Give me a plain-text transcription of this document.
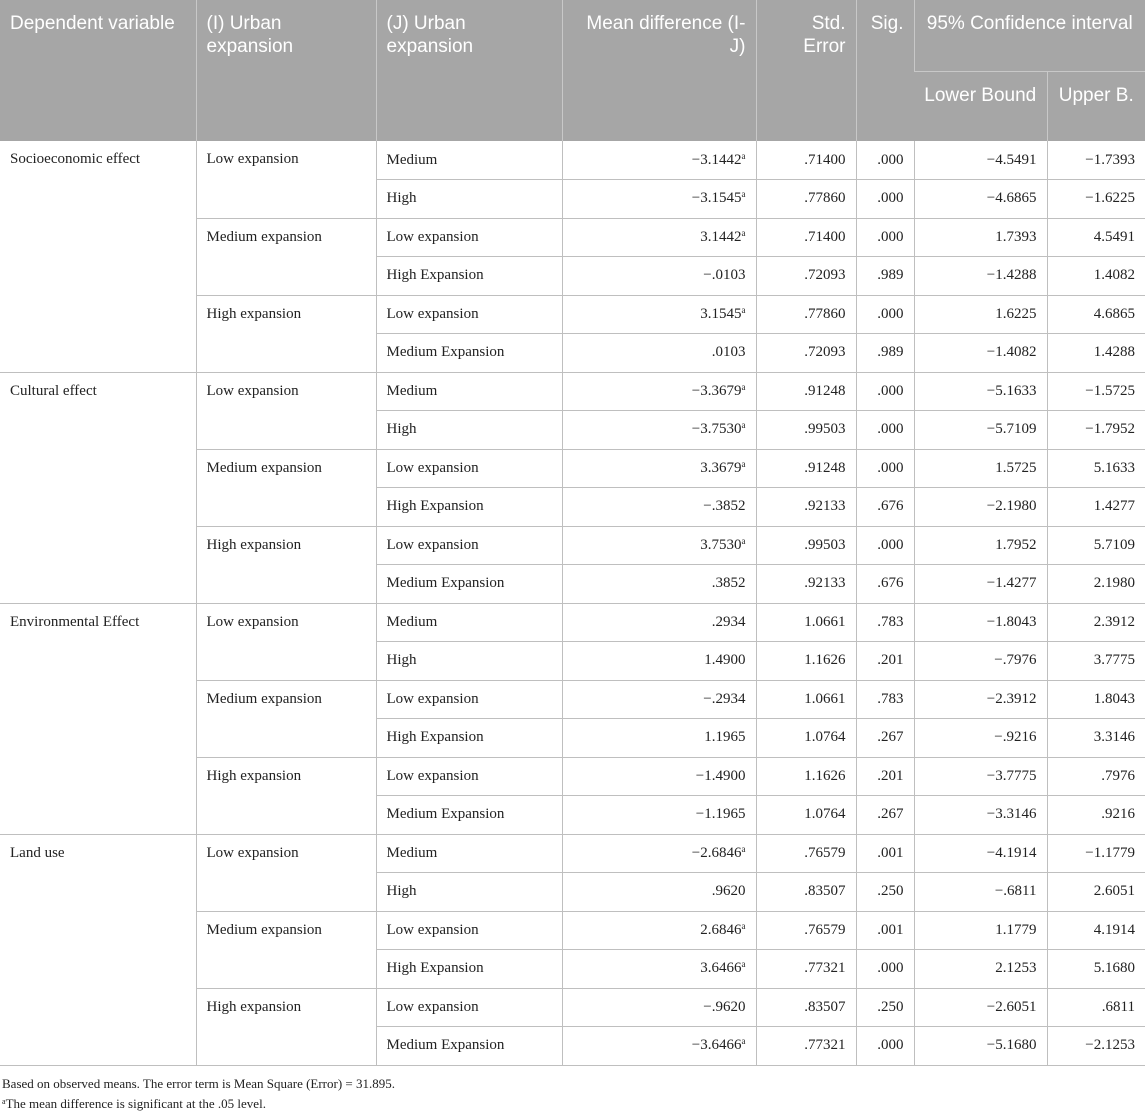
Dependent variable	(I) Urban expansion	(J) Urban expansion	Mean difference (I-J)	Std. Error	Sig.	95% Confidence interval	
						Lower Bound	Upper B.
Socioeconomic effect	Low expansion	Medium	−3.1442$^a$	.71400	.000	−4.5491	−1.7393
		High	−3.1545$^a$	.77860	.000	−4.6865	−1.6225
	Medium expansion	Low expansion	3.1442$^a$	.71400	.000	1.7393	4.5491
		High Expansion	−.0103	.72093	.989	−1.4288	1.4082
	High expansion	Low expansion	3.1545$^a$	.77860	.000	1.6225	4.6865
		Medium Expansion	.0103	.72093	.989	−1.4082	1.4288
Cultural effect	Low expansion	Medium	−3.3679$^a$	.91248	.000	−5.1633	−1.5725
		High	−3.7530$^a$	.99503	.000	−5.7109	−1.7952
	Medium expansion	Low expansion	3.3679$^a$	.91248	.000	1.5725	5.1633
		High Expansion	−.3852	.92133	.676	−2.1980	1.4277
	High expansion	Low expansion	3.7530$^a$	.99503	.000	1.7952	5.7109
		Medium Expansion	.3852	.92133	.676	−1.4277	2.1980
Environmental Effect	Low expansion	Medium	.2934	1.0661	.783	−1.8043	2.3912
		High	1.4900	1.1626	.201	−.7976	3.7775
	Medium expansion	Low expansion	−.2934	1.0661	.783	−2.3912	1.8043
		High Expansion	1.1965	1.0764	.267	−.9216	3.3146
	High expansion	Low expansion	−1.4900	1.1626	.201	−3.7775	.7976
		Medium Expansion	−1.1965	1.0764	.267	−3.3146	.9216
Land use	Low expansion	Medium	−2.6846$^a$	.76579	.001	−4.1914	−1.1779
		High	.9620	.83507	.250	−.6811	2.6051
	Medium expansion	Low expansion	2.6846$^a$	.76579	.001	1.1779	4.1914
		High Expansion	3.6466$^a$	.77321	.000	2.1253	5.1680
	High expansion	Low expansion	−.9620	.83507	.250	−2.6051	.6811
		Medium Expansion	−3.6466$^a$	.77321	.000	−5.1680	−2.1253
Based on observed means. The error term is Mean Square (Error) = 31.895.
$^a$The mean difference is significant at the .05 level.
